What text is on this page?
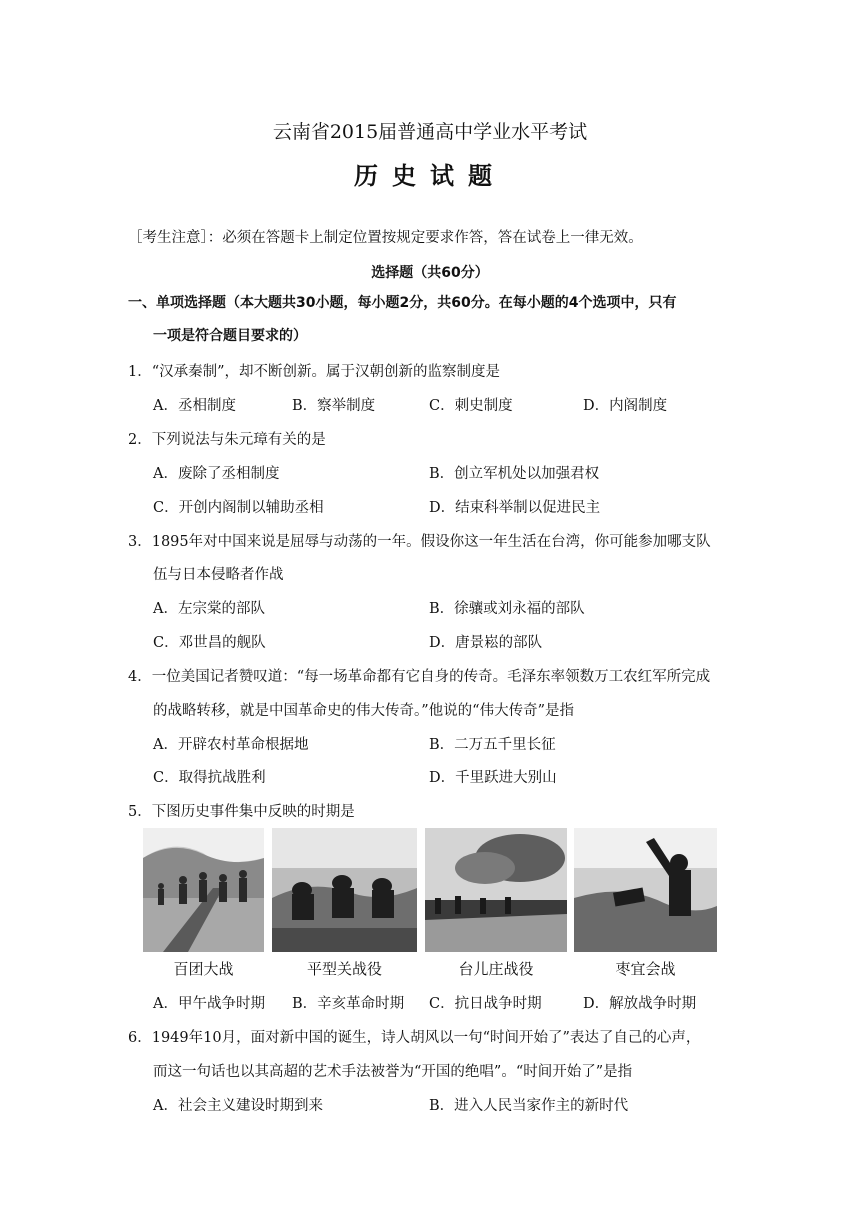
云南省2015届普通高中学业水平考试
历史试题
［考生注意］：必须在答题卡上制定位置按规定要求作答，答在试卷上一律无效。
选择题（共60分）
一、单项选择题（本大题共30小题，每小题2分，共60分。在每小题的4个选项中，只有
一项是符合题目要求的）
1．“汉承秦制”，却不断创新。属于汉朝创新的监察制度是
A．丞相制度	B．察举制度	C．刺史制度	D．内阁制度
2．下列说法与朱元璋有关的是
A．废除了丞相制度	B．创立军机处以加强君权
C．开创内阁制以辅助丞相	D．结束科举制以促进民主
3．1895年对中国来说是屈辱与动荡的一年。假设你这一年生活在台湾，你可能参加哪支队
伍与日本侵略者作战
A．左宗棠的部队	B．徐骧或刘永福的部队
C．邓世昌的舰队	D．唐景崧的部队
4．一位美国记者赞叹道：“每一场革命都有它自身的传奇。毛泽东率领数万工农红军所完成
的战略转移，就是中国革命史的伟大传奇。”他说的“伟大传奇”是指
A．开辟农村革命根据地	B．二万五千里长征
C．取得抗战胜利	D．千里跃进大别山
5．下图历史事件集中反映的时期是
百团大战	平型关战役	台儿庄战役	枣宜会战
A．甲午战争时期 B．辛亥革命时期 C．抗日战争时期	D．解放战争时期
6．1949年10月，面对新中国的诞生，诗人胡风以一句“时间开始了”表达了自己的心声，
而这一句话也以其高超的艺术手法被誉为“开国的绝唱”。“时间开始了”是指
A．社会主义建设时期到来	B．进入人民当家作主的新时代
